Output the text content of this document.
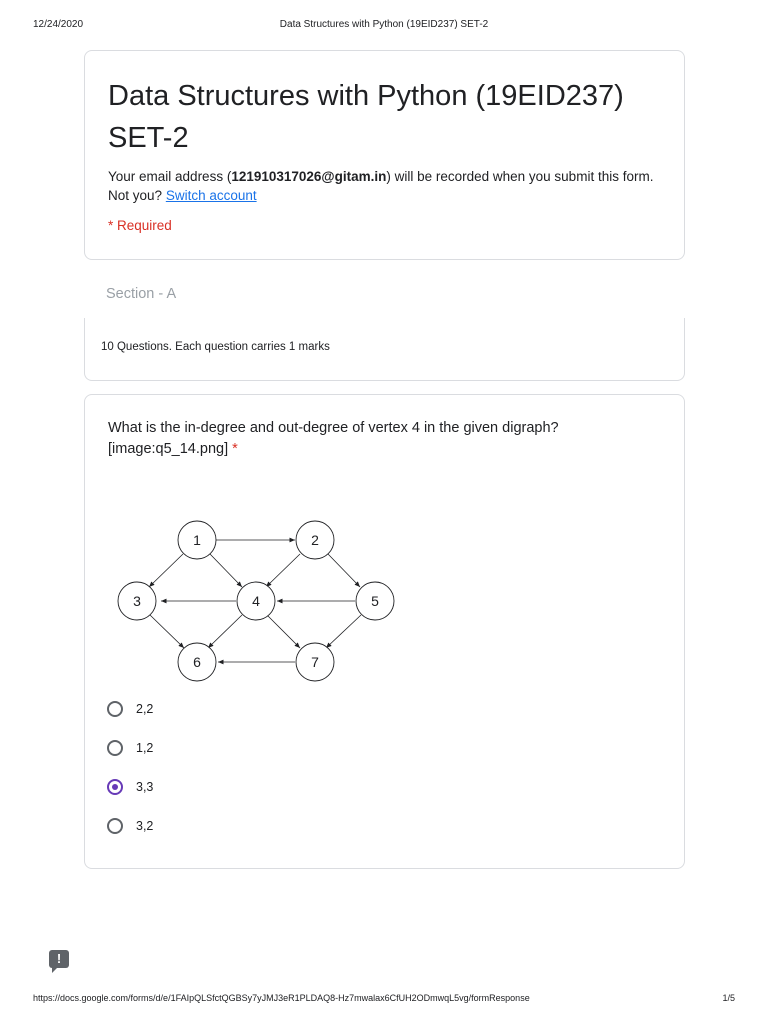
12/24/2020	Data Structures with Python (19EID237) SET-2
Data Structures with Python (19EID237) SET-2
Your email address (121910317026@gitam.in) will be recorded when you submit this form.
Not you? Switch account
* Required
Section - A
10 Questions. Each question carries 1 marks
What is the in-degree and out-degree of vertex 4 in the given digraph?
[image:q5_14.png] *
1	2
3	4	5
6	7
2,2
1,2
3,3
3,2
!
https://docs.google.com/forms/d/e/1FAIpQLSfctQGBSy7yJMJ3eR1PLDAQ8-Hz7mwalax6CfUH2ODmwqL5vg/formResponse	1/5
